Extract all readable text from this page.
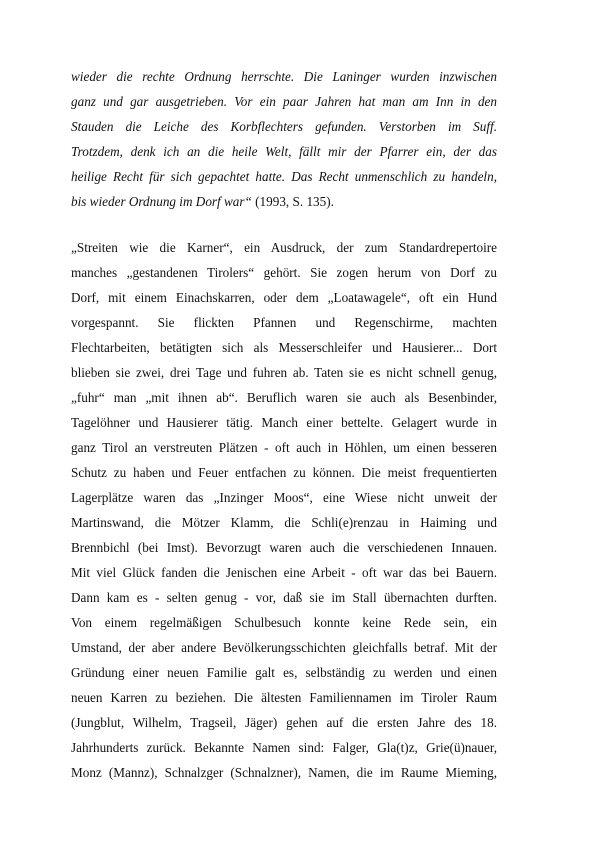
wieder die rechte Ordnung herrschte. Die Laninger wurden inzwischen
ganz und gar ausgetrieben. Vor ein paar Jahren hat man am Inn in den
Stauden die Leiche des Korbflechters gefunden. Verstorben im Suff.
Trotzdem, denk ich an die heile Welt, fällt mir der Pfarrer ein, der das
heilige Recht für sich gepachtet hatte. Das Recht unmenschlich zu handeln,
bis wieder Ordnung im Dorf war“ (1993, S. 135).
„Streiten wie die Karner“, ein Ausdruck, der zum Standardrepertoire
manches „gestandenen Tirolers“ gehört. Sie zogen herum von Dorf zu
Dorf, mit einem Einachskarren, oder dem „Loatawagele“, oft ein Hund
vorgespannt. Sie flickten Pfannen und Regenschirme, machten
Flechtarbeiten, betätigten sich als Messerschleifer und Hausierer... Dort
blieben sie zwei, drei Tage und fuhren ab. Taten sie es nicht schnell genug,
„fuhr“ man „mit ihnen ab“. Beruflich waren sie auch als Besenbinder,
Tagelöhner und Hausierer tätig. Manch einer bettelte. Gelagert wurde in
ganz Tirol an verstreuten Plätzen - oft auch in Höhlen, um einen besseren
Schutz zu haben und Feuer entfachen zu können. Die meist frequentierten
Lagerplätze waren das „Inzinger Moos“, eine Wiese nicht unweit der
Martinswand, die Mötzer Klamm, die Schli(e)renzau in Haiming und
Brennbichl (bei Imst). Bevorzugt waren auch die verschiedenen Innauen.
Mit viel Glück fanden die Jenischen eine Arbeit - oft war das bei Bauern.
Dann kam es - selten genug - vor, daß sie im Stall übernachten durften.
Von einem regelmäßigen Schulbesuch konnte keine Rede sein, ein
Umstand, der aber andere Bevölkerungsschichten gleichfalls betraf. Mit der
Gründung einer neuen Familie galt es, selbständig zu werden und einen
neuen Karren zu beziehen. Die ältesten Familiennamen im Tiroler Raum
(Jungblut, Wilhelm, Tragseil, Jäger) gehen auf die ersten Jahre des 18.
Jahrhunderts zurück. Bekannte Namen sind: Falger, Gla(t)z, Grie(ü)nauer,
Monz (Mannz), Schnalzger (Schnalzner), Namen, die im Raume Mieming,
